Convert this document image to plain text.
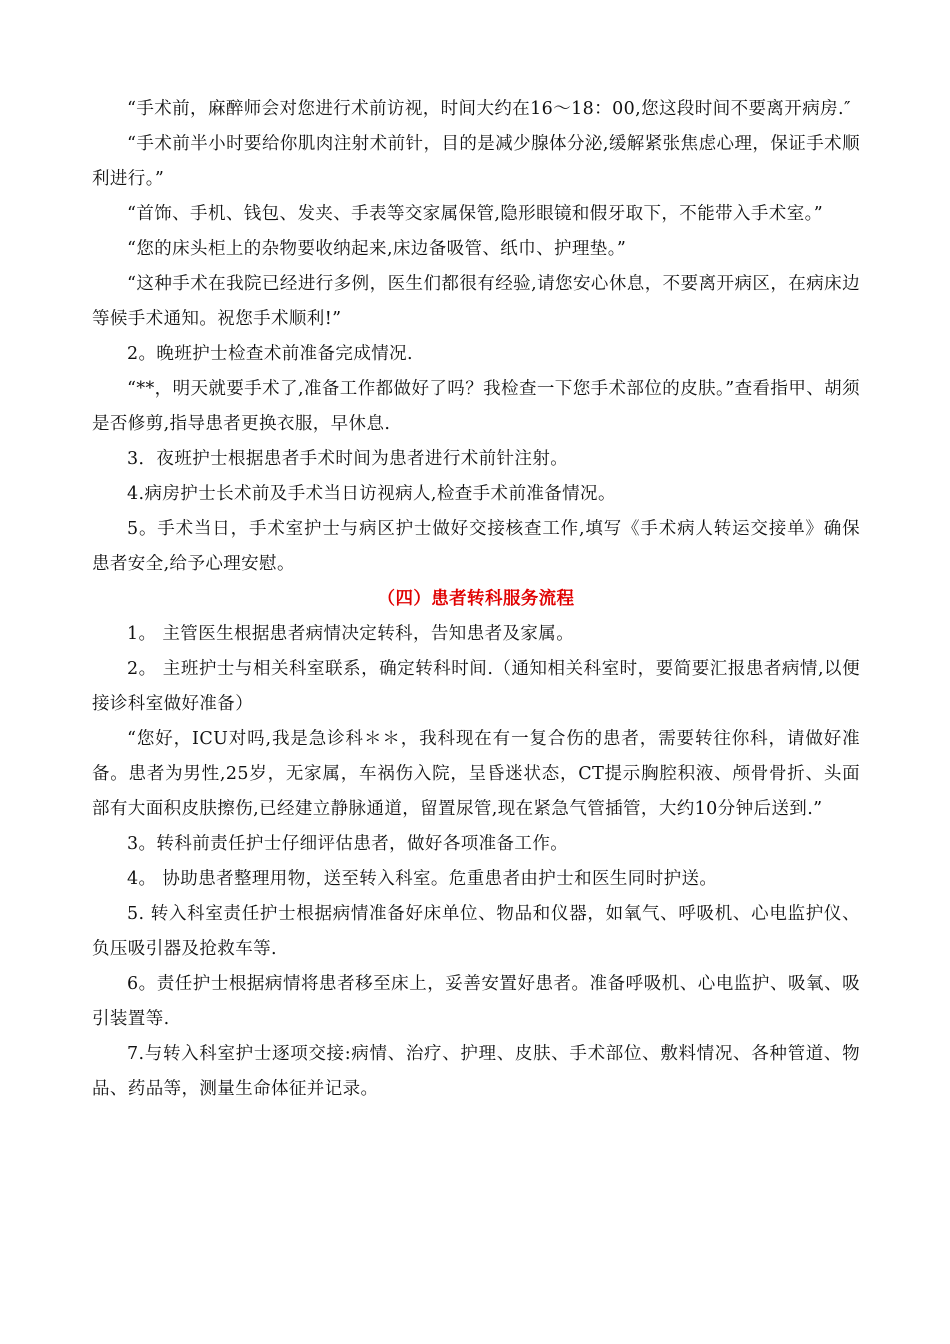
“手术前，麻醉师会对您进行术前访视，时间大约在16～18：00,您这段时间不要离开病房.″

“手术前半小时要给你肌肉注射术前针，目的是减少腺体分泌,缓解紧张焦虑心理，保证手术顺利进行。”

“首饰、手机、钱包、发夹、手表等交家属保管,隐形眼镜和假牙取下，不能带入手术室。”

“您的床头柜上的杂物要收纳起来,床边备吸管、纸巾、护理垫。”

“这种手术在我院已经进行多例，医生们都很有经验,请您安心休息，不要离开病区，在病床边等候手术通知。祝您手术顺利!”

2。晚班护士检查术前准备完成情况.

“**，明天就要手术了,准备工作都做好了吗？我检查一下您手术部位的皮肤。”查看指甲、胡须是否修剪,指导患者更换衣服，早休息.

3．夜班护士根据患者手术时间为患者进行术前针注射。

4.病房护士长术前及手术当日访视病人,检查手术前准备情况。

5。手术当日，手术室护士与病区护士做好交接核查工作,填写《手术病人转运交接单》确保患者安全,给予心理安慰。

（四）患者转科服务流程

1。 主管医生根据患者病情决定转科，告知患者及家属。

2。 主班护士与相关科室联系，确定转科时间.（通知相关科室时，要简要汇报患者病情,以便接诊科室做好准备）

“您好，ICU对吗,我是急诊科＊＊，我科现在有一复合伤的患者，需要转往你科，请做好准备。患者为男性,25岁，无家属，车祸伤入院，呈昏迷状态，CT提示胸腔积液、颅骨骨折、头面部有大面积皮肤擦伤,已经建立静脉通道，留置尿管,现在紧急气管插管，大约10分钟后送到.”

3。转科前责任护士仔细评估患者，做好各项准备工作。

4。 协助患者整理用物，送至转入科室。危重患者由护士和医生同时护送。

5. 转入科室责任护士根据病情准备好床单位、物品和仪器，如氧气、呼吸机、心电监护仪、负压吸引器及抢救车等.

6。责任护士根据病情将患者移至床上，妥善安置好患者。准备呼吸机、心电监护、吸氧、吸引装置等.

7.与转入科室护士逐项交接:病情、治疗、护理、皮肤、手术部位、敷料情况、各种管道、物品、药品等，测量生命体征并记录。
